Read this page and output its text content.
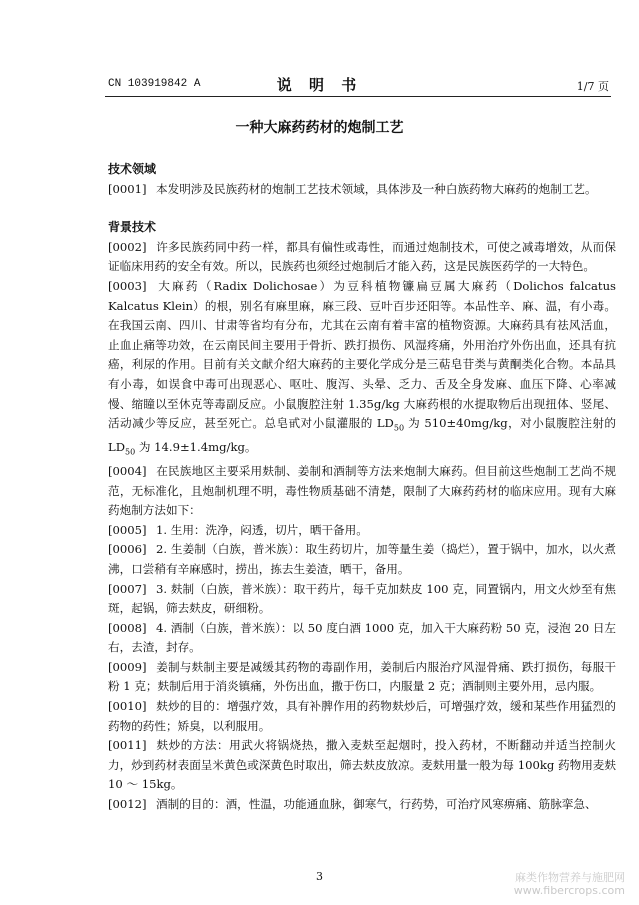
CN 103919842 A	说 明 书	1/7 页
一种大麻药药材的炮制工艺
技术领域

[0001] 本发明涉及民族药材的炮制工艺技术领域，具体涉及一种白族药物大麻药的炮制工艺。

背景技术

[0002] 许多民族药同中药一样，都具有偏性或毒性，而通过炮制技术，可使之减毒增效，从而保证临床用药的安全有效。所以，民族药也须经过炮制后才能入药，这是民族医药学的一大特色。

[0003] 大麻药（Radix Dolichosae）为豆科植物镰扁豆属大麻药（Dolichos falcatus Kalcatus Klein）的根，别名有麻里麻，麻三段、豆叶百步还阳等。本品性辛、麻、温，有小毒。在我国云南、四川、甘肃等省均有分布，尤其在云南有着丰富的植物资源。大麻药具有祛风活血，止血止痛等功效，在云南民间主要用于骨折、跌打损伤、风湿疼痛，外用治疗外伤出血，还具有抗癌，利尿的作用。目前有关文献介绍大麻药的主要化学成分是三萜皂苷类与黄酮类化合物。本品具有小毒，如误食中毒可出现恶心、呕吐、腹泻、头晕、乏力、舌及全身发麻、血压下降、心率减慢、缩瞳以至休克等毒副反应。小鼠腹腔注射 1.35g/kg 大麻药根的水提取物后出现扭体、竖尾、活动减少等反应，甚至死亡。总皂甙对小鼠灌服的 $LD_{50}$ 为 510±40mg/kg，对小鼠腹腔注射的 $LD_{50}$ 为 14.9±1.4mg/kg。

[0004] 在民族地区主要采用麸制、姜制和酒制等方法来炮制大麻药。但目前这些炮制工艺尚不规范，无标准化，且炮制机理不明，毒性物质基础不清楚，限制了大麻药药材的临床应用。现有大麻药炮制方法如下：

[0005] 1. 生用：洗净，闷透，切片，晒干备用。

[0006] 2. 生姜制（白族，普米族）：取生药切片，加等量生姜（捣烂），置于锅中，加水，以火煮沸，口尝稍有辛麻感时，捞出，拣去生姜渣，晒干，备用。

[0007] 3. 麸制（白族，普米族）：取干药片，每千克加麸皮 100 克，同置锅内，用文火炒至有焦斑，起锅，筛去麸皮，研细粉。

[0008] 4. 酒制（白族，普米族）：以 50 度白酒 1000 克，加入干大麻药粉 50 克，浸泡 20 日左右，去渣，封存。

[0009] 姜制与麸制主要是减缓其药物的毒副作用，姜制后内服治疗风湿骨痛、跌打损伤，每服干粉 1 克；麸制后用于消炎镇痛，外伤出血，撒于伤口，内服量 2 克；酒制则主要外用，忌内服。

[0010] 麸炒的目的：增强疗效，具有补脾作用的药物麸炒后，可增强疗效，缓和某些作用猛烈的药物的药性；矫臭，以利服用。

[0011] 麸炒的方法：用武火将锅烧热，撒入麦麸至起烟时，投入药材，不断翻动并适当控制火力，炒到药材表面呈米黄色或深黄色时取出，筛去麸皮放凉。麦麸用量一般为每 100kg 药物用麦麸 10 ～ 15kg。

[0012] 酒制的目的：酒，性温，功能通血脉，御寒气，行药势，可治疗风寒痹痛、筋脉挛急、

3	麻类作物营养与施肥网
www.fibercrops.com
